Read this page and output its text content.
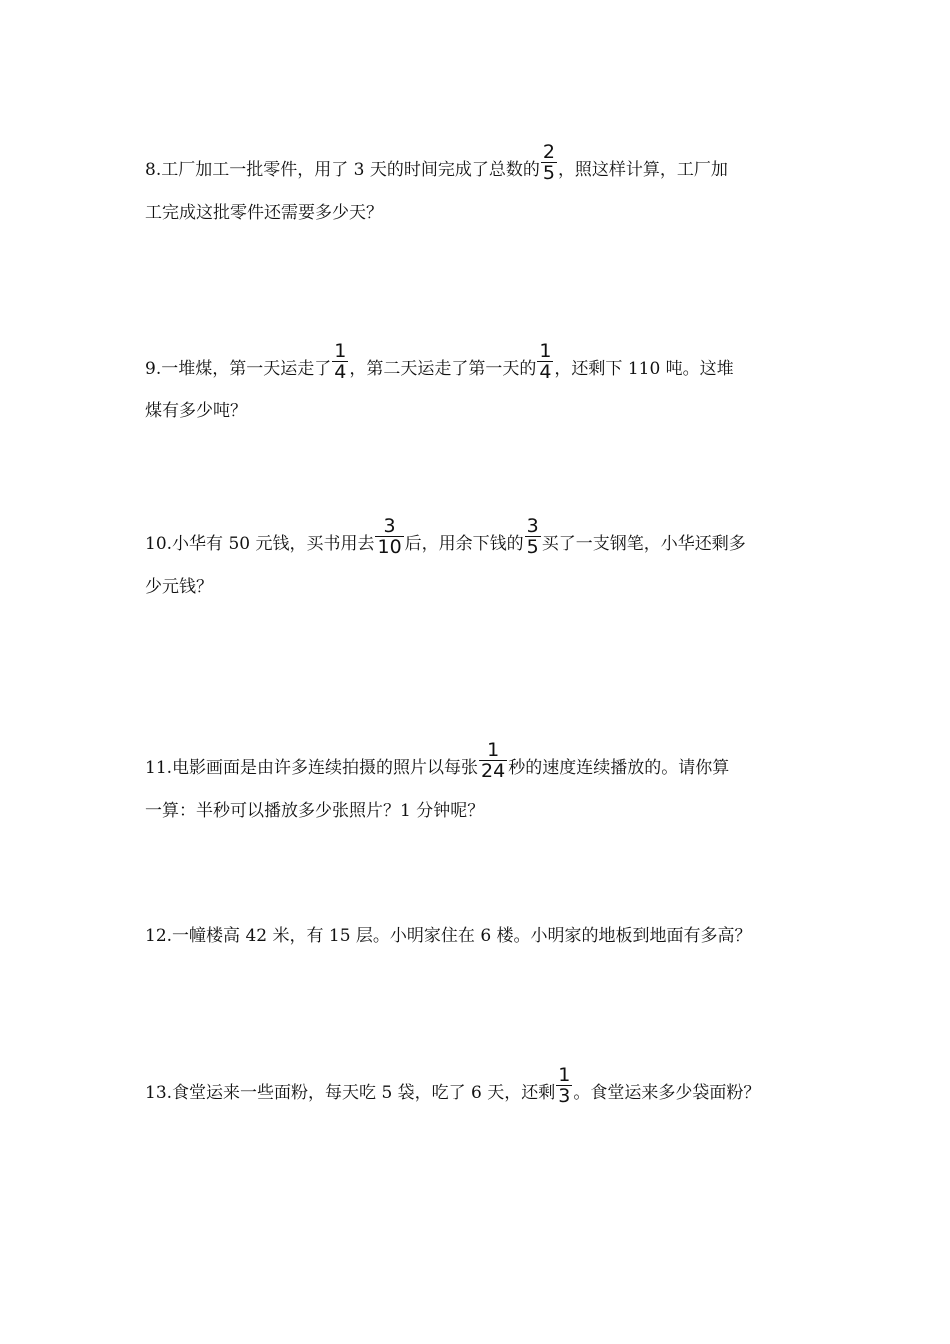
8.工厂加工一批零件，用了 3 天的时间完成了总数的 $\frac{2}{5}$ ，照这样计算，工厂加
工完成这批零件还需要多少天？
9.一堆煤，第一天运走了 $\frac{1}{4}$ ，第二天运走了第一天的 $\frac{1}{4}$ ，还剩下 110 吨。这堆
煤有多少吨？
10.小华有 50 元钱，买书用去 $\frac{3}{10}$ 后，用余下钱的 $\frac{3}{5}$ 买了一支钢笔，小华还剩多
少元钱？
11.电影画面是由许多连续拍摄的照片以每张 $\frac{1}{24}$ 秒的速度连续播放的。请你算
一算：半秒可以播放多少张照片？1 分钟呢？
12.一幢楼高 42 米，有 15 层。小明家住在 6 楼。小明家的地板到地面有多高？
13.食堂运来一些面粉，每天吃 5 袋，吃了 6 天，还剩 $\frac{1}{3}$ 。食堂运来多少袋面粉？
